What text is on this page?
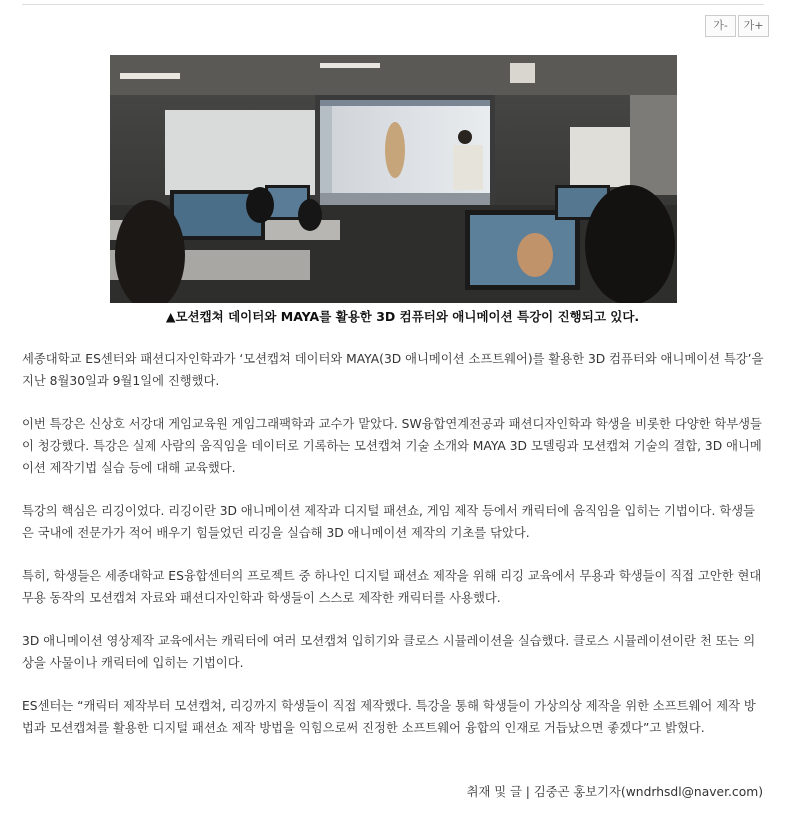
가-	가+
▲모션캡쳐 데이터와 MAYA를 활용한 3D 컴퓨터와 애니메이션 특강이 진행되고 있다.

세종대학교 ES센터와 패션디자인학과가 ‘모션캡쳐 데이터와 MAYA(3D 애니메이션 소프트웨어)를 활용한 3D 컴퓨터와 애니메이션 특강’을 지난 8월30일과 9월1일에 진행했다.

이번 특강은 신상호 서강대 게임교육원 게임그래팩학과 교수가 맡았다. SW융합연계전공과 패션디자인학과 학생을 비롯한 다양한 학부생들이 청강했다. 특강은 실제 사람의 움직임을 데이터로 기록하는 모션캡쳐 기술 소개와 MAYA 3D 모델링과 모션캡쳐 기술의 결합, 3D 애니메이션 제작기법 실습 등에 대해 교육했다.

특강의 핵심은 리깅이었다. 리깅이란 3D 애니메이션 제작과 디지털 패션쇼, 게임 제작 등에서 캐릭터에 움직임을 입히는 기법이다. 학생들은 국내에 전문가가 적어 배우기 힘들었던 리깅을 실습해 3D 애니메이션 제작의 기초를 닦았다.

특히, 학생들은 세종대학교 ES융합센터의 프로젝트 중 하나인 디지털 패션쇼 제작을 위해 리깅 교육에서 무용과 학생들이 직접 고안한 현대무용 동작의 모션캡쳐 자료와 패션디자인학과 학생들이 스스로 제작한 캐릭터를 사용했다.

3D 애니메이션 영상제작 교육에서는 캐릭터에 여러 모션캡쳐 입히기와 클로스 시뮬레이션을 실습했다. 클로스 시뮬레이션이란 천 또는 의상을 사물이나 캐릭터에 입히는 기법이다.

ES센터는 “캐릭터 제작부터 모션캡쳐, 리깅까지 학생들이 직접 제작했다. 특강을 통해 학생들이 가상의상 제작을 위한 소프트웨어 제작 방법과 모션캡쳐를 활용한 디지털 패션쇼 제작 방법을 익힘으로써 진정한 소프트웨어 융합의 인재로 거듭났으면 좋겠다”고 밝혔다.

취재 및 글 | 김중곤 홍보기자(wndrhsdl@naver.com)
